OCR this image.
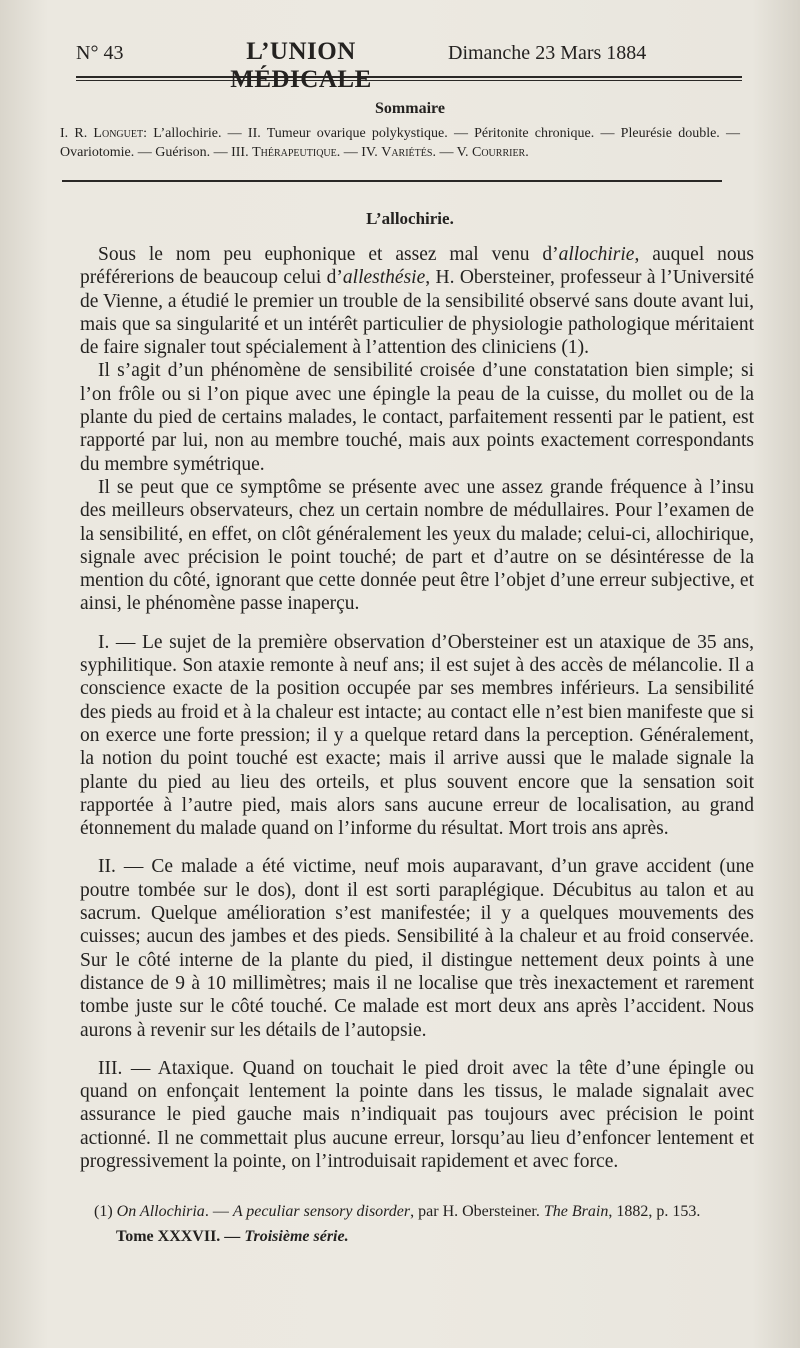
N° 43	L’UNION MÉDICALE
Dimanche 23 Mars 1884
Sommaire
I. R. Longuet: L’allochirie. — II. Tumeur ovarique polykystique. — Péritonite chronique. — Pleurésie double. — Ovariotomie. — Guérison. — III. Thérapeutique. — IV. Variétés. — V. Courrier.
L’allochirie.

Sous le nom peu euphonique et assez mal venu d’allochirie, auquel nous préférerions de beaucoup celui d’allesthésie, H. Obersteiner, professeur à l’Université de Vienne, a étudié le premier un trouble de la sensibilité observé sans doute avant lui, mais que sa singularité et un intérêt particulier de physiologie pathologique méritaient de faire signaler tout spécialement à l’attention des cliniciens (1).

Il s’agit d’un phénomène de sensibilité croisée d’une constatation bien simple; si l’on frôle ou si l’on pique avec une épingle la peau de la cuisse, du mollet ou de la plante du pied de certains malades, le contact, parfaitement ressenti par le patient, est rapporté par lui, non au membre touché, mais aux points exactement correspondants du membre symétrique.

Il se peut que ce symptôme se présente avec une assez grande fréquence à l’insu des meilleurs observateurs, chez un certain nombre de médullaires. Pour l’examen de la sensibilité, en effet, on clôt généralement les yeux du malade; celui-ci, allochirique, signale avec précision le point touché; de part et d’autre on se désintéresse de la mention du côté, ignorant que cette donnée peut être l’objet d’une erreur subjective, et ainsi, le phénomène passe inaperçu.

I. — Le sujet de la première observation d’Obersteiner est un ataxique de 35 ans, syphilitique. Son ataxie remonte à neuf ans; il est sujet à des accès de mélancolie. Il a conscience exacte de la position occupée par ses membres inférieurs. La sensibilité des pieds au froid et à la chaleur est intacte; au contact elle n’est bien manifeste que si on exerce une forte pression; il y a quelque retard dans la perception. Généralement, la notion du point touché est exacte; mais il arrive aussi que le malade signale la plante du pied au lieu des orteils, et plus souvent encore que la sensation soit rapportée à l’autre pied, mais alors sans aucune erreur de localisation, au grand étonnement du malade quand on l’informe du résultat. Mort trois ans après.

II. — Ce malade a été victime, neuf mois auparavant, d’un grave accident (une poutre tombée sur le dos), dont il est sorti paraplégique. Décubitus au talon et au sacrum. Quelque amélioration s’est manifestée; il y a quelques mouvements des cuisses; aucun des jambes et des pieds. Sensibilité à la chaleur et au froid conservée. Sur le côté interne de la plante du pied, il distingue nettement deux points à une distance de 9 à 10 millimètres; mais il ne localise que très inexactement et rarement tombe juste sur le côté touché. Ce malade est mort deux ans après l’accident. Nous aurons à revenir sur les détails de l’autopsie.

III. — Ataxique. Quand on touchait le pied droit avec la tête d’une épingle ou quand on enfonçait lentement la pointe dans les tissus, le malade signalait avec assurance le pied gauche mais n’indiquait pas toujours avec précision le point actionné. Il ne commettait plus aucune erreur, lorsqu’au lieu d’enfoncer lentement et progressivement la pointe, on l’introduisait rapidement et avec force.

(1) On Allochiria. — A peculiar sensory disorder, par H. Obersteiner. The Brain, 1882, p. 153.
Tome XXXVII. — Troisième série.
